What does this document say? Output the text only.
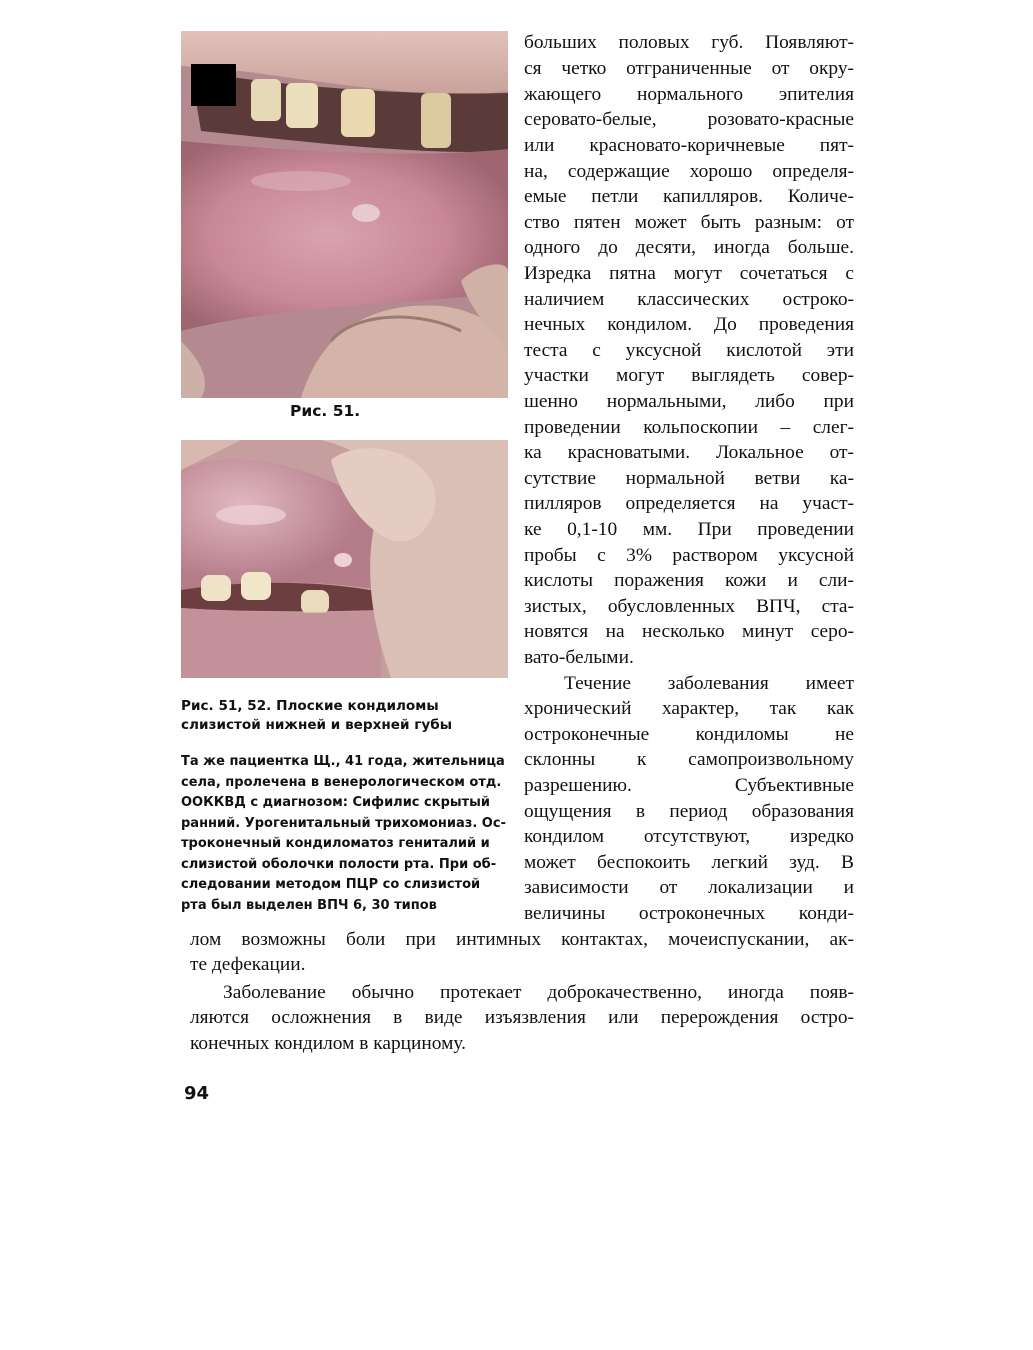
Рис. 51.
Рис. 51, 52. Плоские кондиломы слизистой нижней и верхней губы
Та же пациентка Щ., 41 года, жительница
села, пролечена в венерологическом отд.
ООККВД с диагнозом: Сифилис скрытый
ранний. Урогенитальный трихомониаз. Ос-
троконечный кондиломатоз гениталий и
слизистой оболочки полости рта. При об-
следовании методом ПЦР со слизистой
рта был выделен ВПЧ 6, 30 типов
больших половых губ. Появляют-
ся четко отграниченные от окру-
жающего нормального эпителия
серовато-белые, розовато-красные
или красновато-коричневые пят-
на, содержащие хорошо определя-
емые петли капилляров. Количе-
ство пятен может быть разным: от
одного до десяти, иногда больше.
Изредка пятна могут сочетаться с
наличием классических остроко-
нечных кондилом. До проведения
теста с уксусной кислотой эти
участки могут выглядеть совер-
шенно нормальными, либо при
проведении кольпоскопии – слег-
ка красноватыми. Локальное от-
сутствие нормальной ветви ка-
пилляров определяется на участ-
ке 0,1-10 мм. При проведении
пробы с 3% раствором уксусной
кислоты поражения кожи и сли-
зистых, обусловленных ВПЧ, ста-
новятся на несколько минут серо-
вато-белыми.
Течение заболевания имеет
хронический характер, так как
остроконечные кондиломы не
склонны к самопроизвольному
разрешению. Субъективные
ощущения в период образования
кондилом отсутствуют, изредко
может беспокоить легкий зуд. В
зависимости от локализации и
величины остроконечных конди-
лом возможны боли при интимных контактах, мочеиспускании, ак-
те дефекации.
Заболевание обычно протекает доброкачественно, иногда появ-
ляются осложнения в виде изъязвления или перерождения остро-
конечных кондилом в карциному.
94
